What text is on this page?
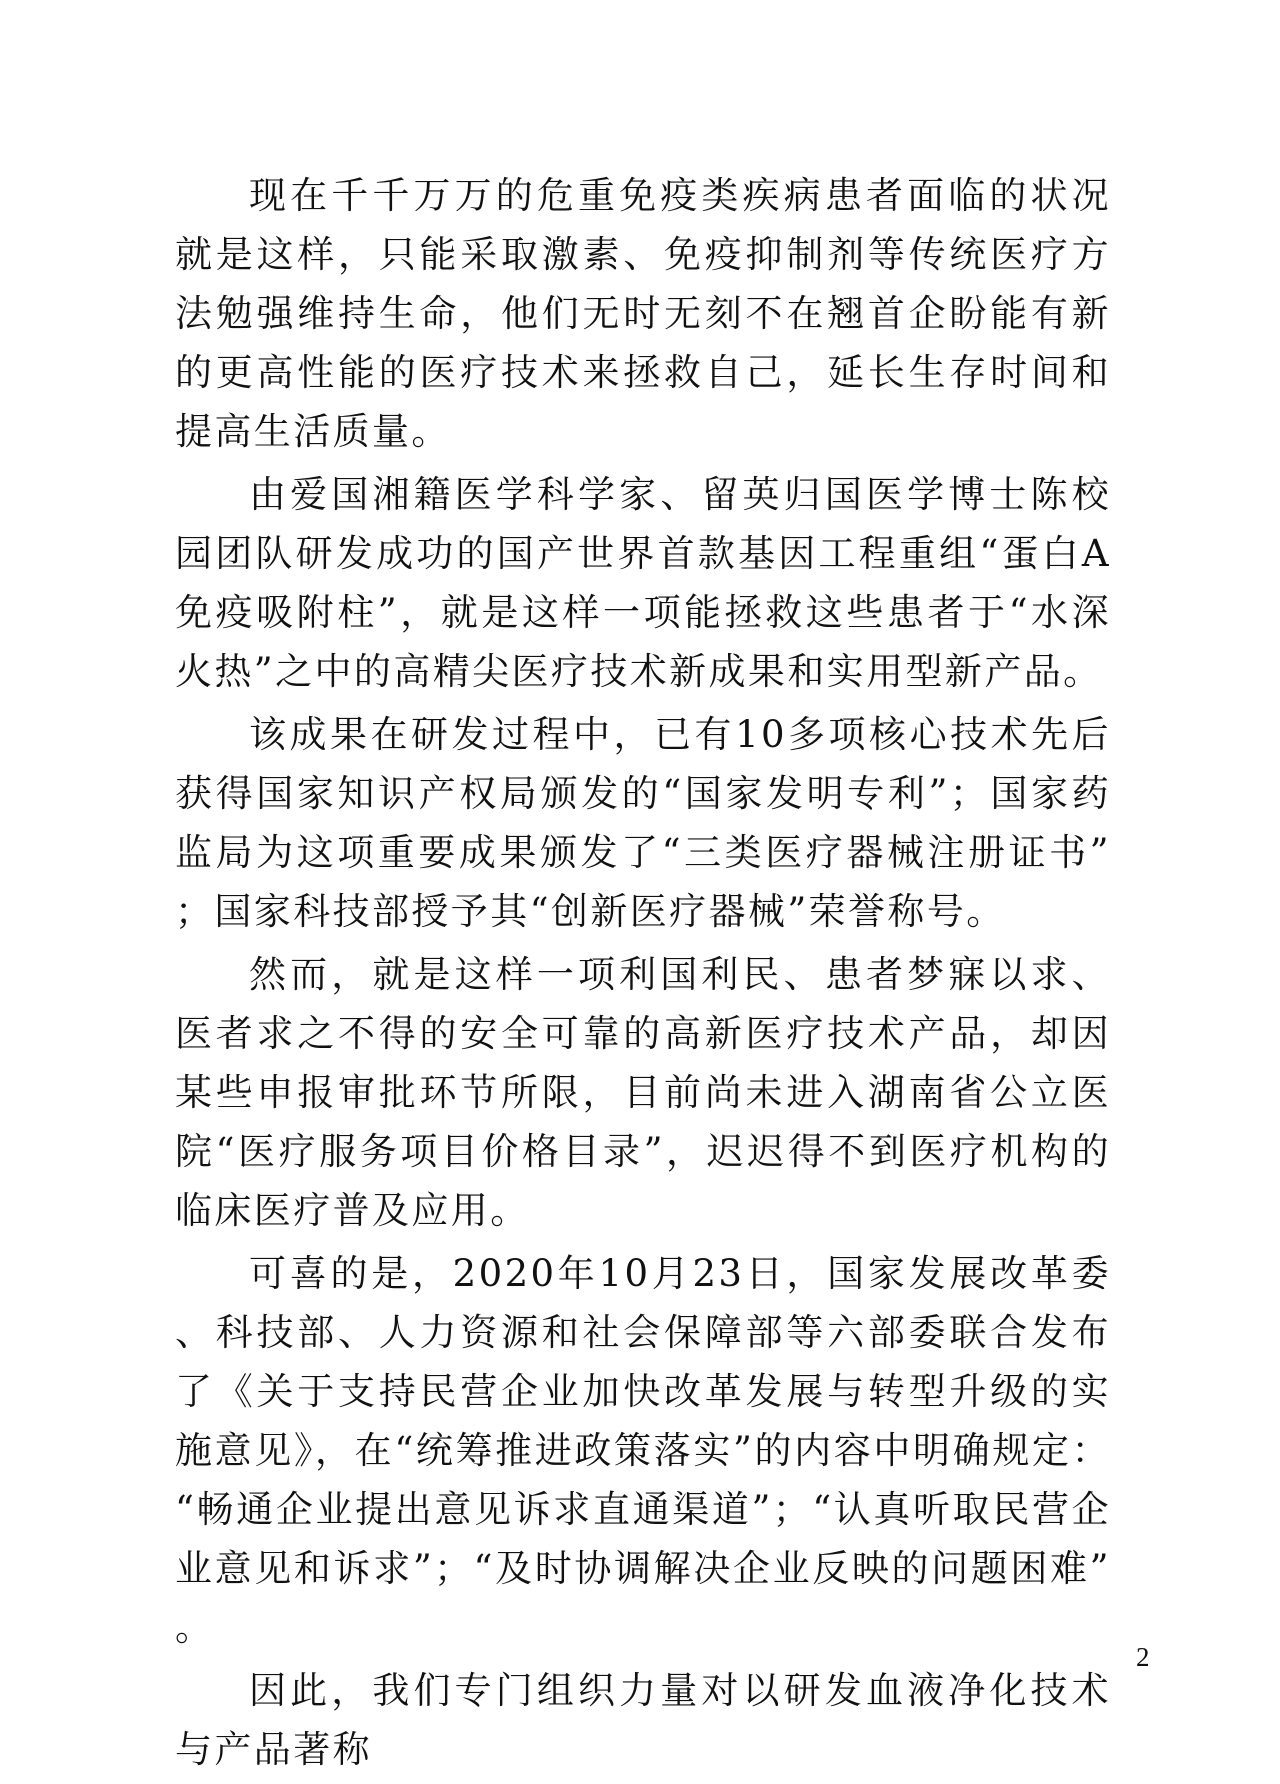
现在千千万万的危重免疫类疾病患者面临的状况就是这样，只能采取激素、免疫抑制剂等传统医疗方法勉强维持生命，他们无时无刻不在翘首企盼能有新的更高性能的医疗技术来拯救自己，延长生存时间和提高生活质量。

由爱国湘籍医学科学家、留英归国医学博士陈校园团队研发成功的国产世界首款基因工程重组“蛋白A免疫吸附柱”，就是这样一项能拯救这些患者于“水深火热”之中的高精尖医疗技术新成果和实用型新产品。

该成果在研发过程中，已有10多项核心技术先后获得国家知识产权局颁发的“国家发明专利”；国家药监局为这项重要成果颁发了“三类医疗器械注册证书”；国家科技部授予其“创新医疗器械”荣誉称号。

然而，就是这样一项利国利民、患者梦寐以求、医者求之不得的安全可靠的高新医疗技术产品，却因某些申报审批环节所限，目前尚未进入湖南省公立医院“医疗服务项目价格目录”，迟迟得不到医疗机构的临床医疗普及应用。

可喜的是，2020年10月23日，国家发展改革委、科技部、人力资源和社会保障部等六部委联合发布了《关于支持民营企业加快改革发展与转型升级的实施意见》，在“统筹推进政策落实”的内容中明确规定：“畅通企业提出意见诉求直通渠道”；“认真听取民营企业意见和诉求”；“及时协调解决企业反映的问题困难”。

因此，我们专门组织力量对以研发血液净化技术与产品著称

2
